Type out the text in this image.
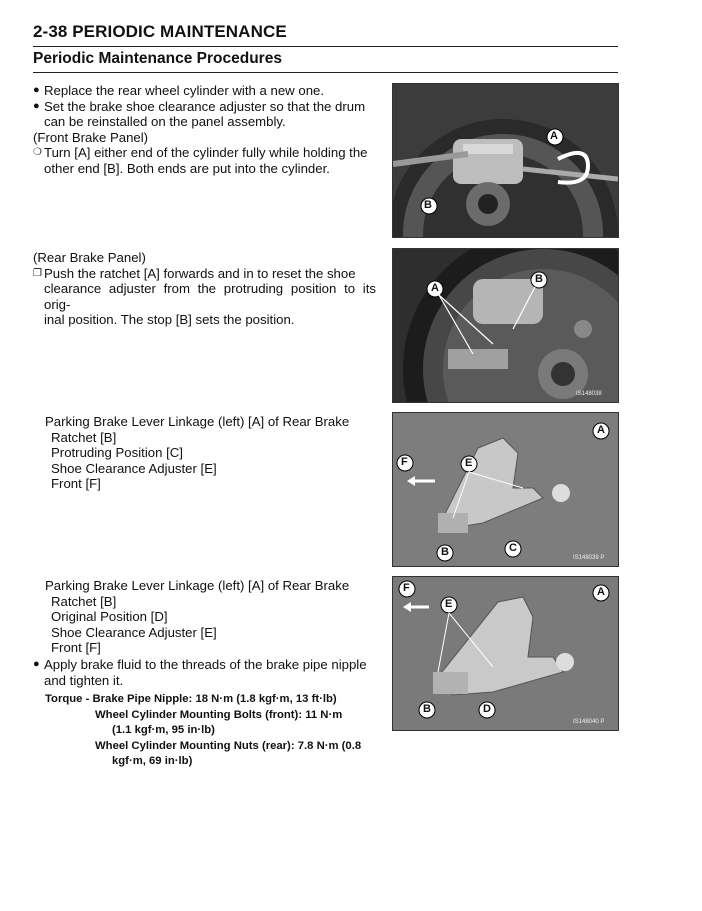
2-38 PERIODIC MAINTENANCE
Periodic Maintenance Procedures
● Replace the rear wheel cylinder with a new one.
● Set the brake shoe clearance adjuster so that the drum
can be reinstalled on the panel assembly.
(Front Brake Panel)
❍ Turn [A] either end of the cylinder fully while holding the
other end [B]. Both ends are put into the cylinder.
(Rear Brake Panel)
❐ Push the ratchet [A] forwards and in to reset the shoe
clearance adjuster from the protruding position to its orig-
inal position. The stop [B] sets the position.
Parking Brake Lever Linkage (left) [A] of Rear Brake
Ratchet [B]
Protruding Position [C]
Shoe Clearance Adjuster [E]
Front [F]
Parking Brake Lever Linkage (left) [A] of Rear Brake
Ratchet [B]
Original Position [D]
Shoe Clearance Adjuster [E]
Front [F]
● Apply brake fluid to the threads of the brake pipe nipple
and tighten it.
Torque - Brake Pipe Nipple: 18 N·m (1.8 kgf·m, 13 ft·lb)
Wheel Cylinder Mounting Bolts (front): 11 N·m
(1.1 kgf·m, 95 in·lb)
Wheel Cylinder Mounting Nuts (rear): 7.8 N·m (0.8
kgf·m, 69 in·lb)
A
B
A
B
IS148038
F	E
A
B	C
IS148039 P
F	A
E
B	D
IS148040 P
